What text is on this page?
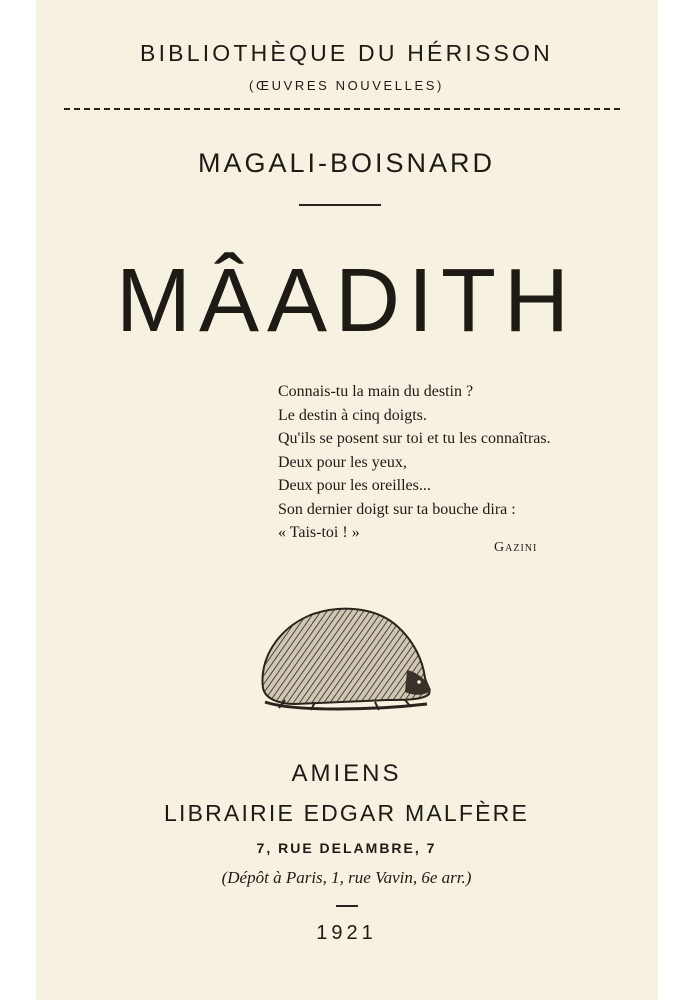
BIBLIOTHÈQUE DU HÉRISSON
(ŒUVRES NOUVELLES)
MAGALI-BOISNARD
MÂADITH
Connais-tu la main du destin ?
Le destin à cinq doigts.
Qu'ils se posent sur toi et tu les connaîtras.
Deux pour les yeux,
Deux pour les oreilles...
Son dernier doigt sur ta bouche dira :
« Tais-toi ! »
Gazini
AMIENS
LIBRAIRIE EDGAR MALFÈRE
7, RUE DELAMBRE, 7
(Dépôt à Paris, 1, rue Vavin, 6e arr.)
1921
